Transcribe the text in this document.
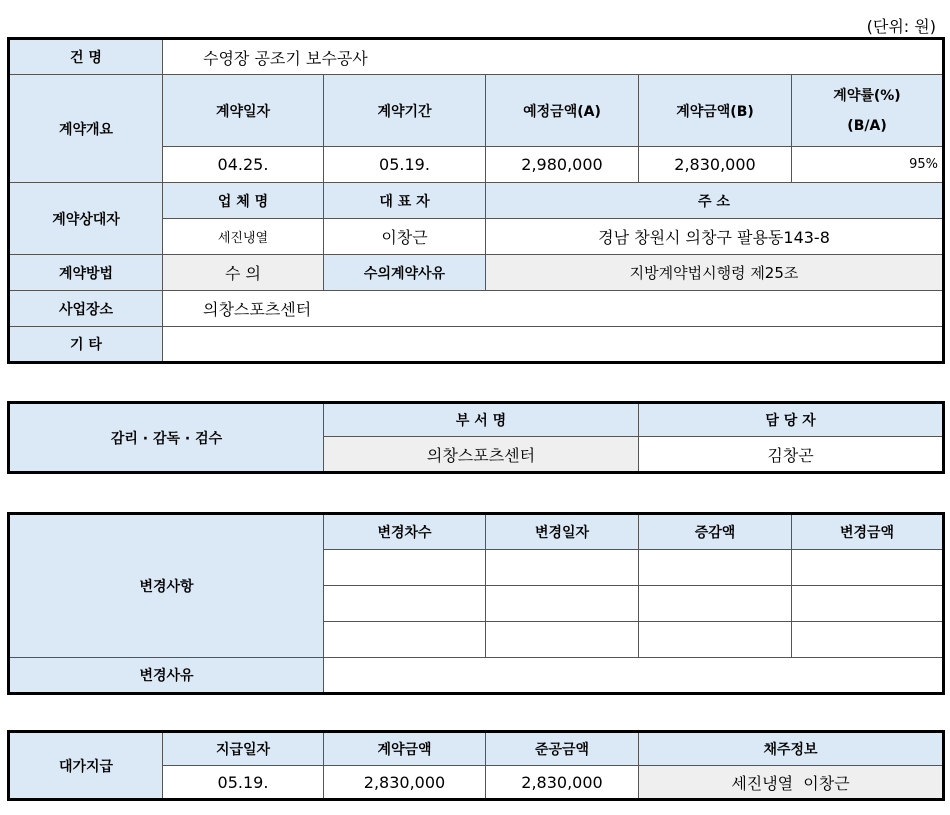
(단위: 원)
건 명	수영장 공조기 보수공사				
계약개요	계약일자	계약기간	예정금액(A)	계약금액(B)	계약률(%)
(B/A)

	04.25.	05.19.	2,980,000	2,830,000	95%
계약상대자	업 체 명	대 표 자	주 소		
	세진냉열	이창근	경남 창원시 의창구 팔용동143-8		
계약방법	수 의	수의계약사유	지방계약법시행령 제25조		
사업장소	의창스포츠센터				
기 타					
감리 · 감독 · 검수	부 서 명	담 당 자
	의창스포츠센터	김창곤
변경사항	변경차수	변경일자	증감액	변경금액

변경사유				
대가지급	지급일자	계약금액	준공금액	채주정보
	05.19.	2,830,000	2,830,000	세진냉열  이창근
